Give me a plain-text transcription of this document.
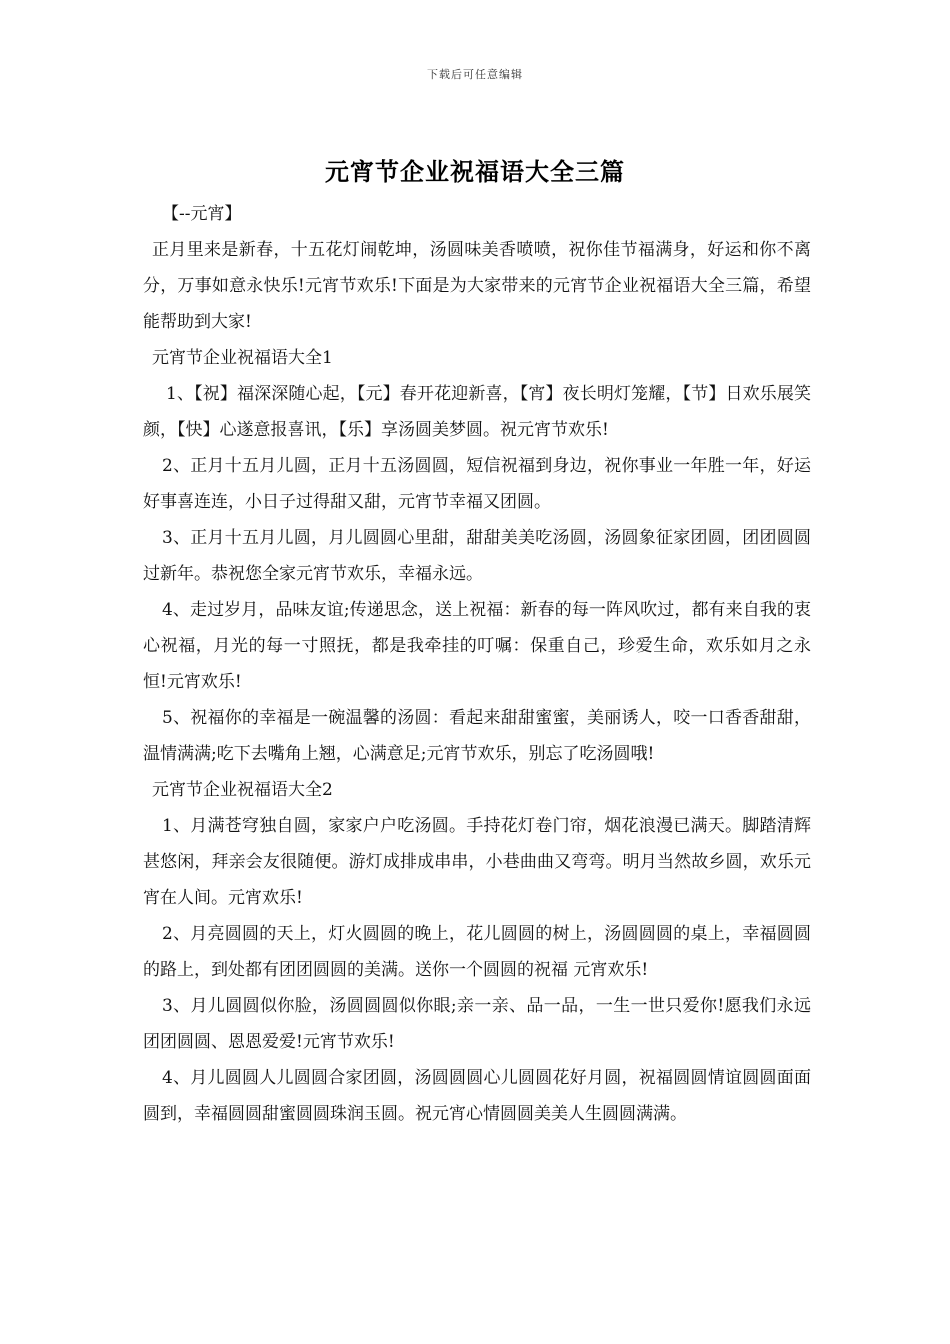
下载后可任意编辑
元宵节企业祝福语大全三篇

【--元宵】

正月里来是新春，十五花灯闹乾坤，汤圆味美香喷喷，祝你佳节福满身，好运和你不离分，万事如意永快乐!元宵节欢乐!下面是为大家带来的元宵节企业祝福语大全三篇，希望能帮助到大家!

元宵节企业祝福语大全1

1、【祝】福深深随心起，【元】春开花迎新喜，【宵】夜长明灯笼耀，【节】日欢乐展笑颜，【快】心遂意报喜讯，【乐】享汤圆美梦圆。祝元宵节欢乐!

2、正月十五月儿圆，正月十五汤圆圆，短信祝福到身边，祝你事业一年胜一年，好运好事喜连连，小日子过得甜又甜，元宵节幸福又团圆。

3、正月十五月儿圆，月儿圆圆心里甜，甜甜美美吃汤圆，汤圆象征家团圆，团团圆圆过新年。恭祝您全家元宵节欢乐，幸福永远。

4、走过岁月，品味友谊;传递思念，送上祝福：新春的每一阵风吹过，都有来自我的衷心祝福，月光的每一寸照抚，都是我牵挂的叮嘱：保重自己，珍爱生命，欢乐如月之永恒!元宵欢乐!

5、祝福你的幸福是一碗温馨的汤圆：看起来甜甜蜜蜜，美丽诱人，咬一口香香甜甜，温情满满;吃下去嘴角上翘，心满意足;元宵节欢乐，别忘了吃汤圆哦!

元宵节企业祝福语大全2

1、月满苍穹独自圆，家家户户吃汤圆。手持花灯卷门帘，烟花浪漫已满天。脚踏清辉甚悠闲，拜亲会友很随便。游灯成排成串串，小巷曲曲又弯弯。明月当然故乡圆，欢乐元宵在人间。元宵欢乐!

2、月亮圆圆的天上，灯火圆圆的晚上，花儿圆圆的树上，汤圆圆圆的桌上，幸福圆圆的路上，到处都有团团圆圆的美满。送你一个圆圆的祝福 元宵欢乐!

3、月儿圆圆似你脸，汤圆圆圆似你眼;亲一亲、品一品，一生一世只爱你!愿我们永远团团圆圆、恩恩爱爱!元宵节欢乐!

4、月儿圆圆人儿圆圆合家团圆，汤圆圆圆心儿圆圆花好月圆，祝福圆圆情谊圆圆面面圆到，幸福圆圆甜蜜圆圆珠润玉圆。祝元宵心情圆圆美美人生圆圆满满。
